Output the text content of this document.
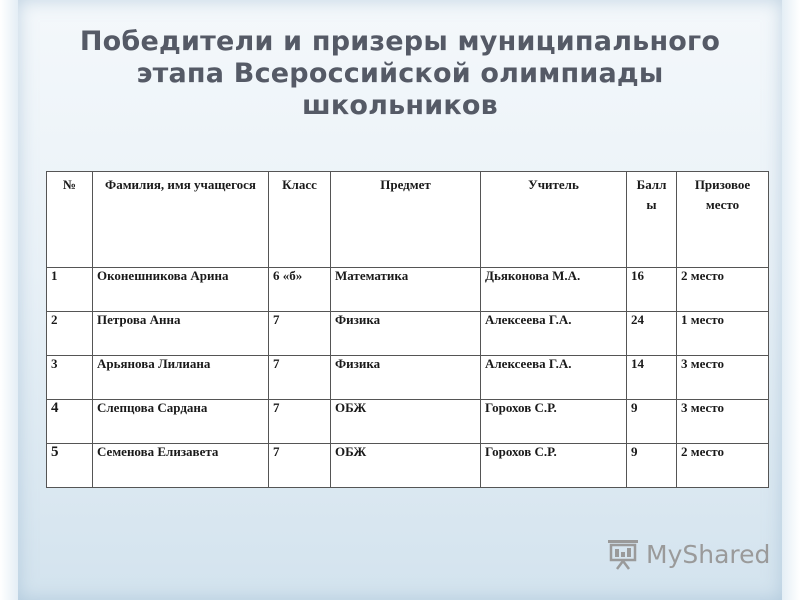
Победители и призеры муниципального
этапа Всероссийской олимпиады
школьников
№	Фамилия, имя учащегося	Класс	Предмет	Учитель	Балл ы	Призовое место
1	Оконешникова Арина	6 «б»	Математика	Дьяконова М.А.	16	2 место
2	Петрова Анна	7	Физика	Алексеева Г.А.	24	1 место
3	Арьянова Лилиана	7	Физика	Алексеева Г.А.	14	3 место
4	Слепцова Сардана	7	ОБЖ	Горохов С.Р.	9	3 место
5	Семенова Елизавета	7	ОБЖ	Горохов С.Р.	9	2 место
MyShared
